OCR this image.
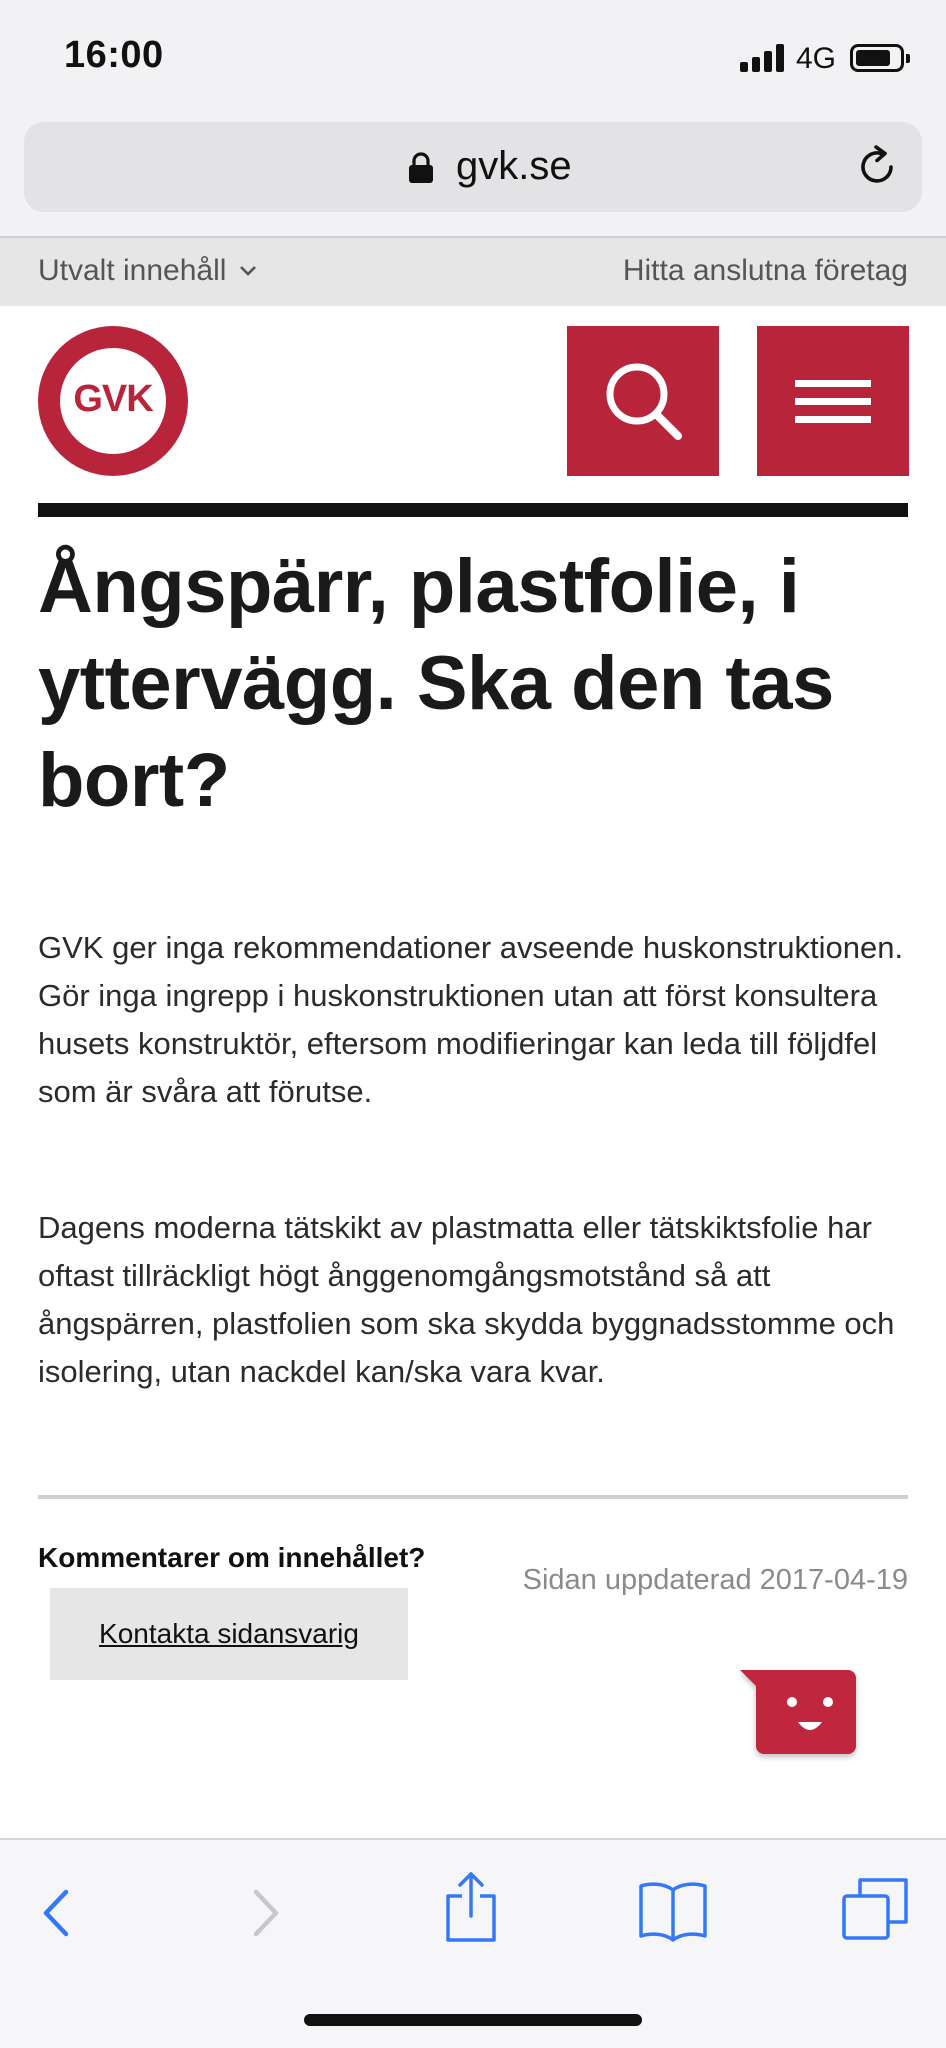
16:00	4G
gvk.se
Utvalt innehåll	Hitta anslutna företag
GVK
Ångspärr, plastfolie, i yttervägg. Ska den tas bort?

GVK ger inga rekommendationer avseende huskonstruktionen. Gör inga ingrepp i huskonstruktionen utan att först konsultera husets konstruktör, eftersom modifieringar kan leda till följdfel som är svåra att förutse.

Dagens moderna tätskikt av plastmatta eller tätskiktsfolie har oftast tillräckligt högt ånggenomgångsmotstånd så att ångspärren, plastfolien som ska skydda byggnadsstomme och isolering, utan nackdel kan/ska vara kvar.

Kommentarer om innehållet?
Sidan uppdaterad 2017-04-19
Kontakta sidansvarig
